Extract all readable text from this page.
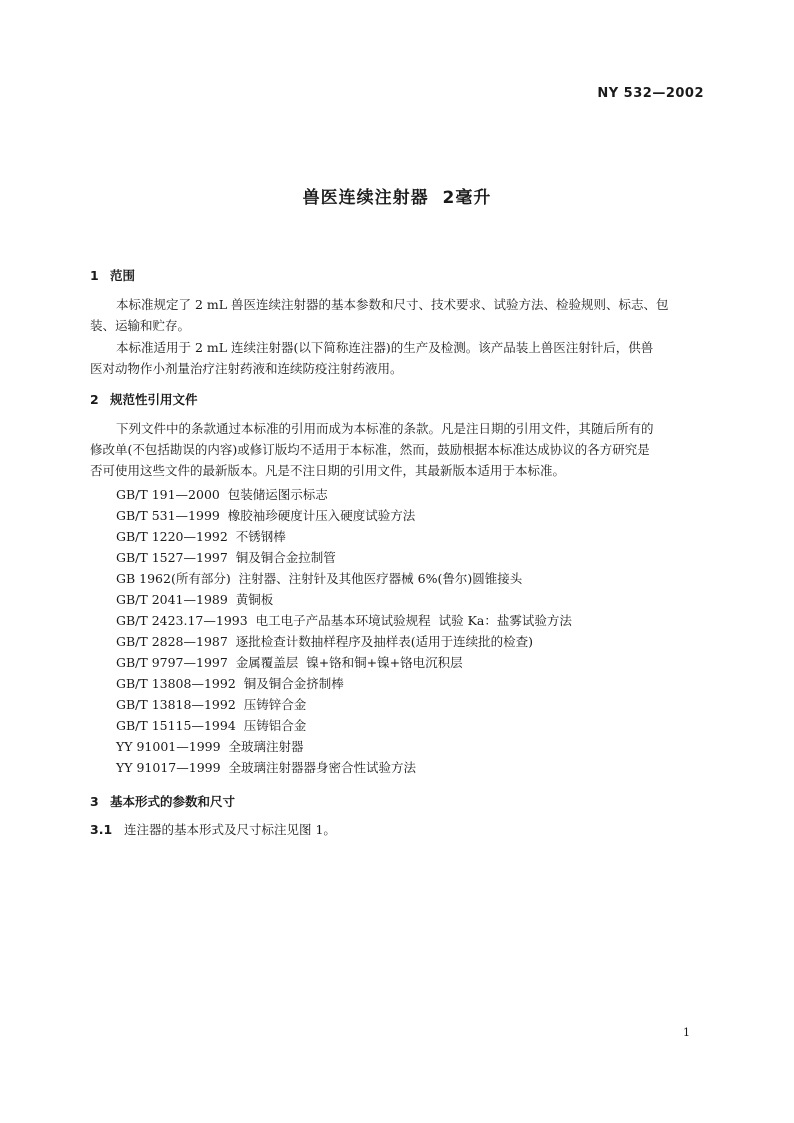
NY 532—2002
兽医连续注射器  2毫升
1 范围
本标准规定了 2 mL 兽医连续注射器的基本参数和尺寸、技术要求、试验方法、检验规则、标志、包
装、运输和贮存。
本标准适用于 2 mL 连续注射器(以下简称连注器)的生产及检测。该产品装上兽医注射针后，供兽
医对动物作小剂量治疗注射药液和连续防疫注射药液用。
2 规范性引用文件
下列文件中的条款通过本标准的引用而成为本标准的条款。凡是注日期的引用文件，其随后所有的
修改单(不包括勘误的内容)或修订版均不适用于本标准，然而，鼓励根据本标准达成协议的各方研究是
否可使用这些文件的最新版本。凡是不注日期的引用文件，其最新版本适用于本标准。
GB/T 191—2000  包装储运图示标志
GB/T 531—1999  橡胶袖珍硬度计压入硬度试验方法
GB/T 1220—1992  不锈钢棒
GB/T 1527—1997  铜及铜合金拉制管
GB 1962(所有部分)  注射器、注射针及其他医疗器械 6%(鲁尔)圆锥接头
GB/T 2041—1989  黄铜板
GB/T 2423.17—1993  电工电子产品基本环境试验规程  试验 Ka：盐雾试验方法
GB/T 2828—1987  逐批检查计数抽样程序及抽样表(适用于连续批的检查)
GB/T 9797—1997  金属覆盖层  镍+铬和铜+镍+铬电沉积层
GB/T 13808—1992  铜及铜合金挤制棒
GB/T 13818—1992  压铸锌合金
GB/T 15115—1994  压铸铝合金
YY 91001—1999  全玻璃注射器
YY 91017—1999  全玻璃注射器器身密合性试验方法
3 基本形式的参数和尺寸
3.1 连注器的基本形式及尺寸标注见图 1。
1
